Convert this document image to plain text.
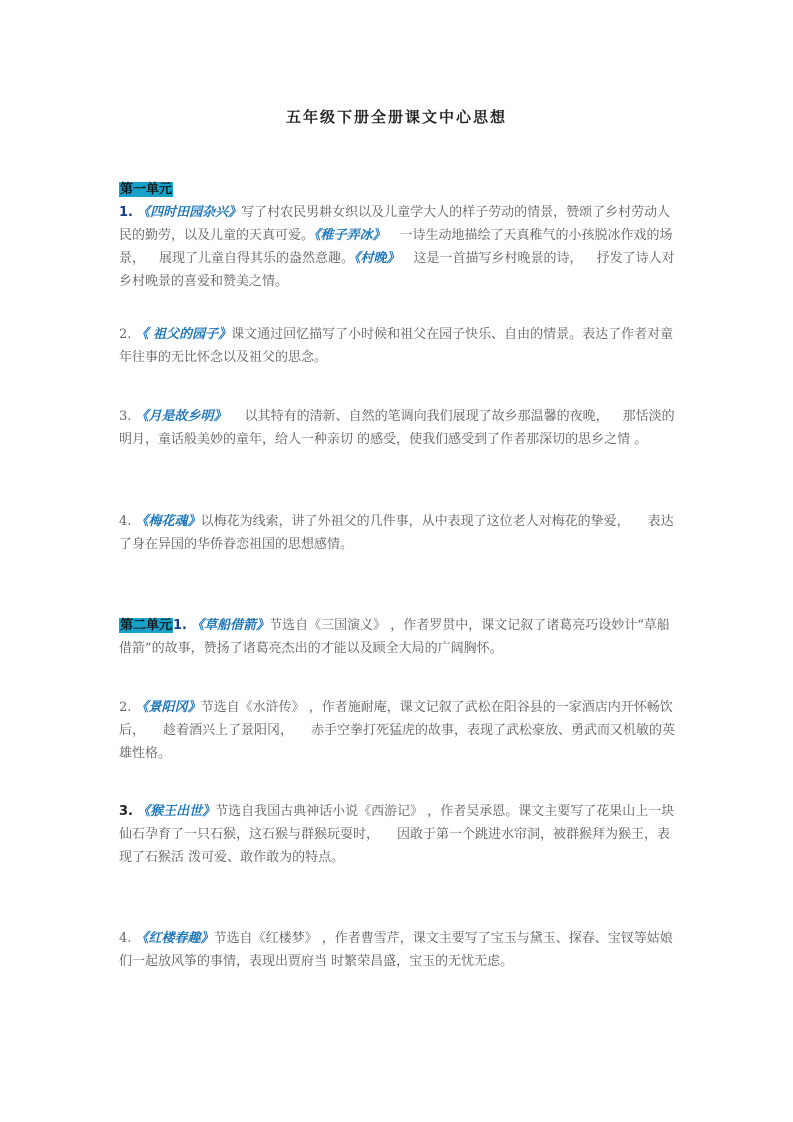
五年级下册全册课文中心思想
第一单元
1. 《四时田园杂兴》写了村农民男耕女织以及儿童学大人的样子劳动的情景，赞颂了乡村劳动人民的勤劳，以及儿童的天真可爱。《稚子弄冰》 一诗生动地描绘了天真稚气的小孩脱冰作戏的场景， 展现了儿童自得其乐的盎然意趣。《村晚》 这是一首描写乡村晚景的诗， 抒发了诗人对乡村晚景的喜爱和赞美之情。
2. 《 祖父的园子》课文通过回忆描写了小时候和祖父在园子快乐、自由的情景。表达了作者对童年往事的无比怀念以及祖父的思念。
3. 《月是故乡明》 以其特有的清新、自然的笔调向我们展现了故乡那温馨的夜晚， 那恬淡的明月，童话般美妙的童年，给人一种亲切 的感受，使我们感受到了作者那深切的思乡之情 。
4. 《梅花魂》以梅花为线索，讲了外祖父的几件事，从中表现了这位老人对梅花的挚爱， 表达了身在异国的华侨眷恋祖国的思想感情。
第二单元1. 《草船借箭》节选自《三国演义》 ，作者罗贯中，课文记叙了诸葛亮巧设妙计“草船借箭”的故事，赞扬了诸葛亮杰出的才能以及顾全大局的广阔胸怀。
2. 《景阳冈》节选自《水浒传》 ，作者施耐庵，课文记叙了武松在阳谷县的一家酒店内开怀畅饮后， 趁着酒兴上了景阳冈， 赤手空拳打死猛虎的故事，表现了武松豪放、勇武而又机敏的英雄性格。
3. 《猴王出世》节选自我国古典神话小说《西游记》 ，作者吴承恩。课文主要写了花果山上一块仙石孕育了一只石猴，这石猴与群猴玩耍时， 因敢于第一个跳进水帘洞，被群猴拜为猴王，表现了石猴活 泼可爱、敢作敢为的特点。
4. 《红楼春趣》节选自《红楼梦》 ，作者曹雪芹，课文主要写了宝玉与黛玉、探春、宝钗等姑娘们一起放风筝的事情，表现出贾府当 时繁荣昌盛，宝玉的无忧无虑。
